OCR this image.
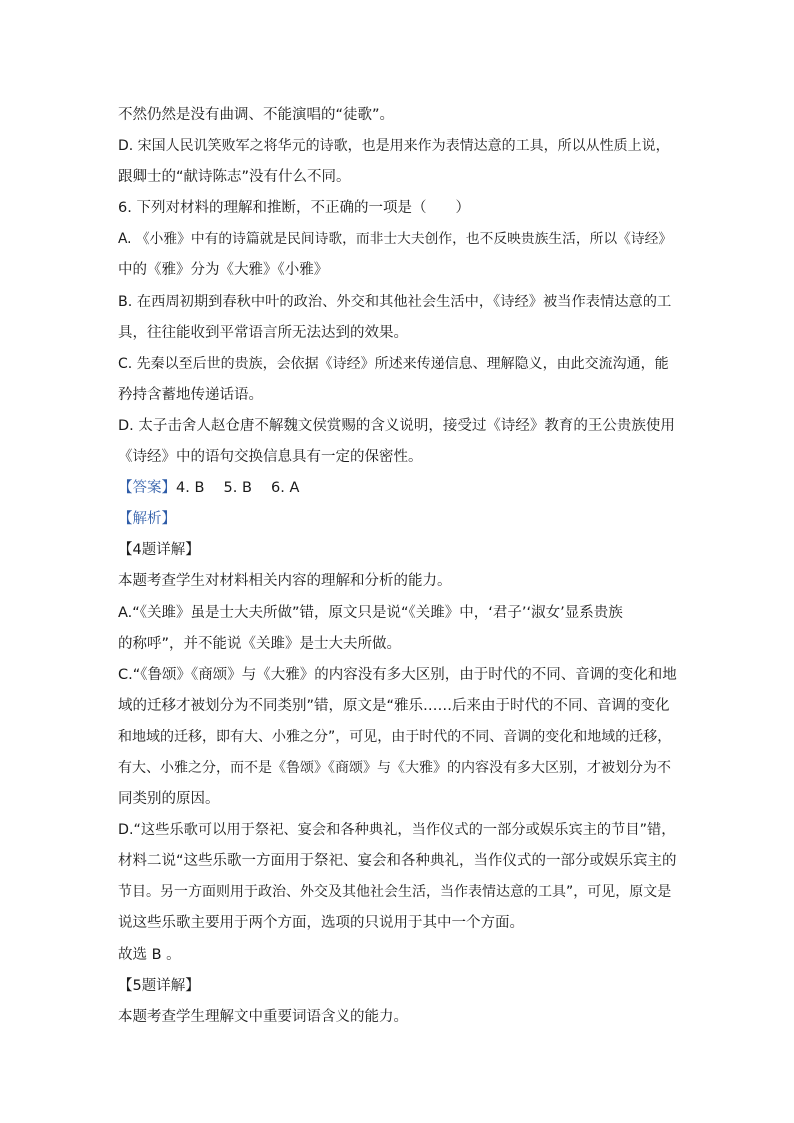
不然仍然是没有曲调、不能演唱的“徒歌”。
D. 宋国人民讥笑败军之将华元的诗歌，也是用来作为表情达意的工具，所以从性质上说，
跟卿士的“献诗陈志”没有什么不同。
6. 下列对材料的理解和推断，不正确的一项是（　　）
A. 《小雅》中有的诗篇就是民间诗歌，而非士大夫创作，也不反映贵族生活，所以《诗经》
中的《雅》分为《大雅》《小雅》
B. 在西周初期到春秋中叶的政治、外交和其他社会生活中，《诗经》被当作表情达意的工
具，往往能收到平常语言所无法达到的效果。
C. 先秦以至后世的贵族，会依据《诗经》所述来传递信息、理解隐义，由此交流沟通，能
矜持含蓄地传递话语。
D. 太子击舍人赵仓唐不解魏文侯赏赐的含义说明，接受过《诗经》教育的王公贵族使用
《诗经》中的语句交换信息具有一定的保密性。
【答案】4. B　 5. B　 6. A
【解析】
【4题详解】
本题考查学生对材料相关内容的理解和分析的能力。
A.“《关雎》虽是士大夫所做”错，原文只是说“《关雎》中，‘君子’‘淑女’显系贵族
的称呼”，并不能说《关雎》是士大夫所做。
C.“《鲁颂》《商颂》与《大雅》的内容没有多大区别，由于时代的不同、音调的变化和地
域的迁移才被划分为不同类别”错，原文是“雅乐……后来由于时代的不同、音调的变化
和地域的迁移，即有大、小雅之分”，可见，由于时代的不同、音调的变化和地域的迁移，
有大、小雅之分，而不是《鲁颂》《商颂》与《大雅》的内容没有多大区别，才被划分为不
同类别的原因。
D.“这些乐歌可以用于祭祀、宴会和各种典礼，当作仪式的一部分或娱乐宾主的节目”错，
材料二说“这些乐歌一方面用于祭祀、宴会和各种典礼，当作仪式的一部分或娱乐宾主的
节目。另一方面则用于政治、外交及其他社会生活，当作表情达意的工具”，可见，原文是
说这些乐歌主要用于两个方面，选项的只说用于其中一个方面。
故选 B 。
【5题详解】
本题考查学生理解文中重要词语含义的能力。
